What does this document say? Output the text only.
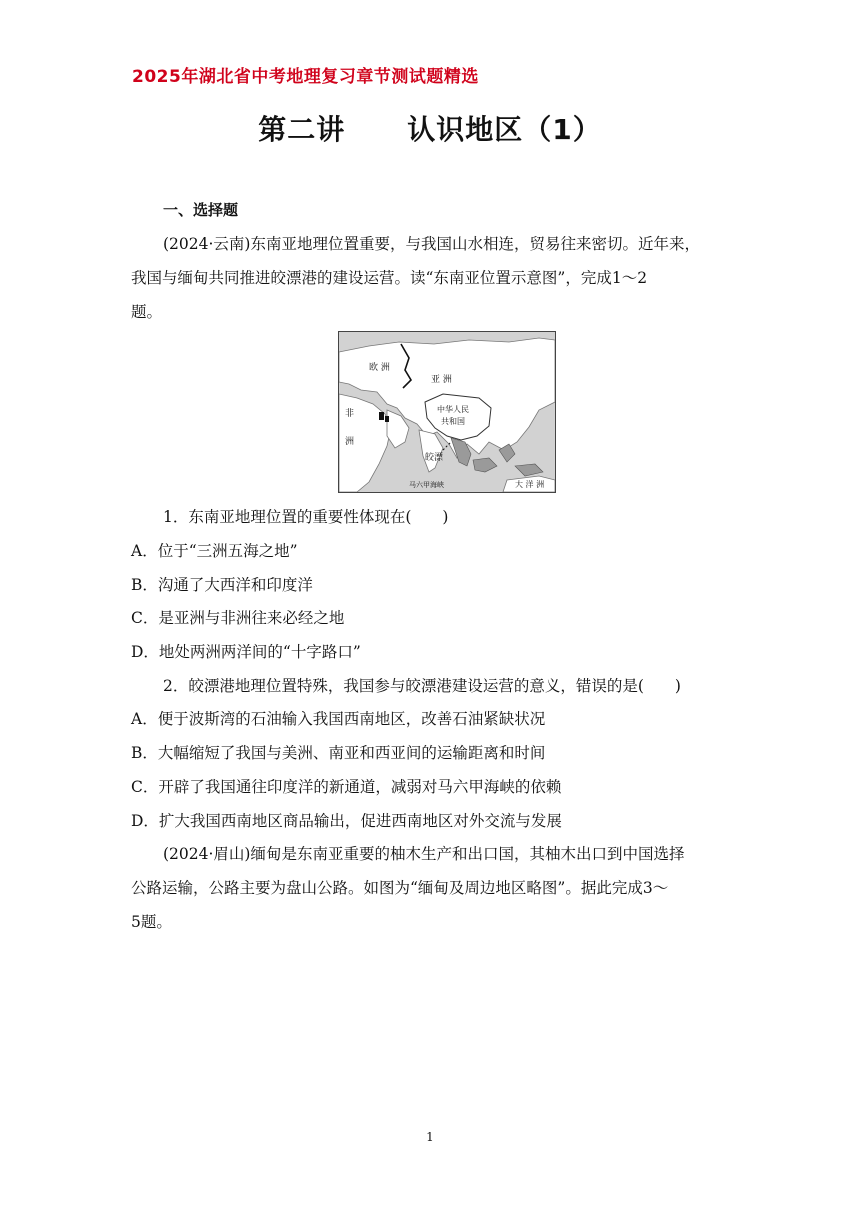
2025年湖北省中考地理复习章节测试题精选
第二讲 认识地区（1）
一、选择题
(2024·云南)东南亚地理位置重要，与我国山水相连，贸易往来密切。近年来，
我国与缅甸共同推进皎漂港的建设运营。读“东南亚位置示意图”，完成1～2
题。
欧 洲
亚 洲
非
洲
中华人民
共和国
皎漂
马六甲海峡	大 洋 洲
1．东南亚地理位置的重要性体现在(　　)
A．位于“三洲五海之地”
B．沟通了大西洋和印度洋
C．是亚洲与非洲往来必经之地
D．地处两洲两洋间的“十字路口”
2．皎漂港地理位置特殊，我国参与皎漂港建设运营的意义，错误的是(　　)
A．便于波斯湾的石油输入我国西南地区，改善石油紧缺状况
B．大幅缩短了我国与美洲、南亚和西亚间的运输距离和时间
C．开辟了我国通往印度洋的新通道，减弱对马六甲海峡的依赖
D．扩大我国西南地区商品输出，促进西南地区对外交流与发展
(2024·眉山)缅甸是东南亚重要的柚木生产和出口国，其柚木出口到中国选择
公路运输，公路主要为盘山公路。如图为“缅甸及周边地区略图”。据此完成3～
5题。
1
